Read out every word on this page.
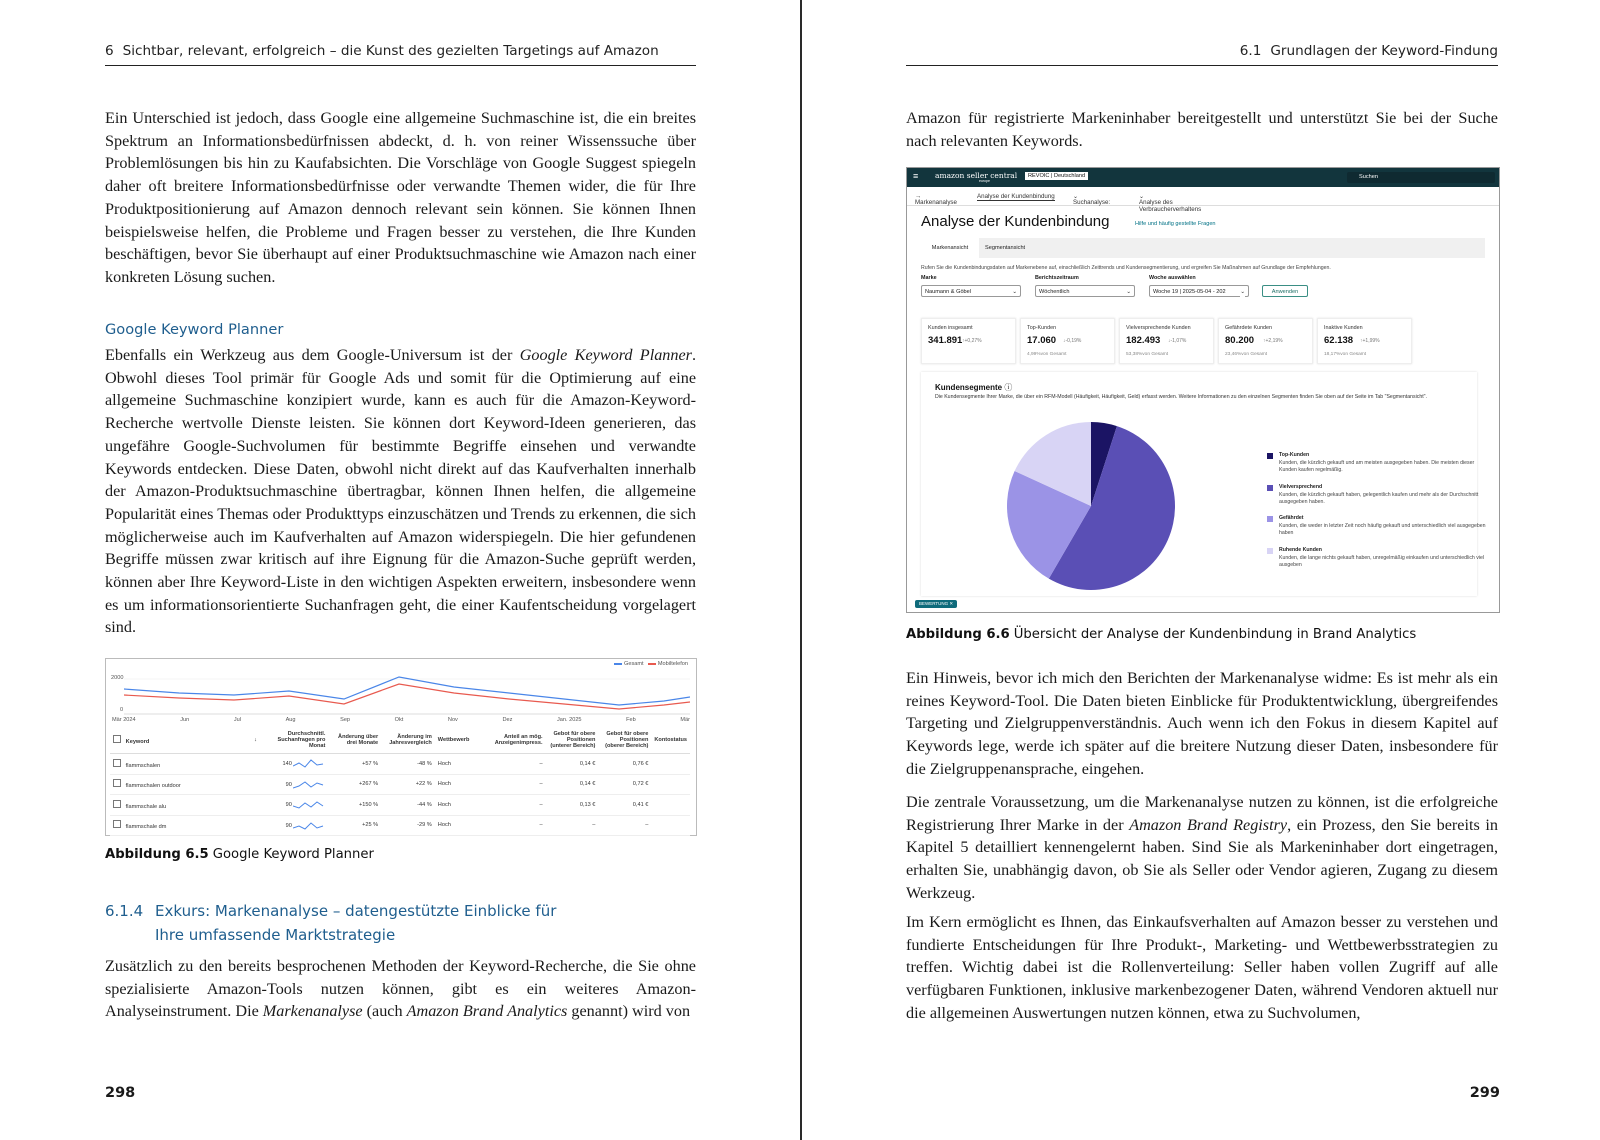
6 Sichtbar, relevant, erfolgreich – die Kunst des gezielten Targetings auf Amazon

Ein Unterschied ist jedoch, dass Google eine allgemeine Suchmaschine ist, die ein breites Spektrum an Informationsbedürfnissen abdeckt, d. h. von reiner Wissenssuche über Problemlösungen bis hin zu Kaufabsichten. Die Vorschläge von Google Suggest spiegeln daher oft breitere Informationsbedürfnisse oder verwandte Themen wider, die für Ihre Produktpositionierung auf Amazon dennoch relevant sein können. Sie können Ihnen beispielsweise helfen, die Probleme und Fragen besser zu verstehen, die Ihre Kunden beschäftigen, bevor Sie überhaupt auf einer Produktsuchmaschine wie Amazon nach einer konkreten Lösung suchen.

Google Keyword Planner

Ebenfalls ein Werkzeug aus dem Google-Universum ist der Google Keyword Planner. Obwohl dieses Tool primär für Google Ads und somit für die Optimierung auf eine allgemeine Suchmaschine konzipiert wurde, kann es auch für die Amazon-Keyword-Recherche wertvolle Dienste leisten. Sie können dort Keyword-Ideen generieren, das ungefähre Google-Suchvolumen für bestimmte Begriffe einsehen und verwandte Keywords entdecken. Diese Daten, obwohl nicht direkt auf das Kaufverhalten innerhalb der Amazon-Produktsuchmaschine übertragbar, können Ihnen helfen, die allgemeine Popularität eines Themas oder Produkttyps einzuschätzen und Trends zu erkennen, die sich möglicherweise auch im Kaufverhalten auf Amazon widerspiegeln. Die hier gefundenen Begriffe müssen zwar kritisch auf ihre Eignung für die Amazon-Suche geprüft werden, können aber Ihre Keyword-Liste in den wichtigen Aspekten erweitern, insbesondere wenn es um informationsorientierte Suchanfragen geht, die einer Kaufentscheidung vorgelagert sind.

Gesamt	Mobiltelefon
2000
0
Mär 2024	Jun	Jul	Aug	Sep	Okt	Nov	Dez	Jan. 2025	Feb	Mär
Keyword	↓	Durchschnittl. Suchanfragen pro Monat	Änderung über drei Monate	Änderung im Jahresvergleich	Wettbewerb	Anteil an mög. Anzeigenimpress.	Gebot für obere Positionen (unterer Bereich)	Gebot für obere Positionen (oberer Bereich)	Kontostatus
flammschalen		140	+57 %	-48 %	Hoch	–	0,14 €	0,76 €	
flammschalen outdoor		90	+267 %	+22 %	Hoch	–	0,14 €	0,72 €	
flammschale alu		90	+150 %	-44 %	Hoch	–	0,13 €	0,41 €	
flammschale dm		90	+25 %	-29 %	Hoch	–	–	–	
Abbildung 6.5 Google Keyword Planner
6.1.4 Exkurs: Markenanalyse – datengestützte Einblicke für
Ihre umfassende Marktstrategie

Zusätzlich zu den bereits besprochenen Methoden der Keyword-Recherche, die Sie ohne spezialisierte Amazon-Tools nutzen können, gibt es ein weiteres Amazon-Analyseinstrument. Die Markenanalyse (auch Amazon Brand Analytics genannt) wird von

298
6.1 Grundlagen der Keyword-Findung

Amazon für registrierte Markeninhaber bereitgestellt und unterstützt Sie bei der Suche nach relevanten Keywords.

≡ amazon seller central
europe
REVOIC | Deutschland	Suchen
Markenanalyse
→	Analyse der Kundenbindung
Suchanalyse:
⌄
Analyse des Verbraucherverhaltens
⌄
Analyse der Kundenbindung	Hilfe und häufig gestellte Fragen
Markenansicht	Segmentansicht
Rufen Sie die Kundenbindungsdaten auf Markenebene auf, einschließlich Zeittrends und Kundensegmentierung, und ergreifen Sie Maßnahmen auf Grundlage der Empfehlungen.
Marke
Naumann & Göbel	⌄
Berichtszeitraum
Wöchentlich	⌄
Woche auswählen
Woche 19 | 2025-05-04 - 202	⌄	Anwenden
Kunden insgesamt
341.891 ↑+0,27%
Top-Kunden
17.060 ↓-0,19%
4,99%von Gesamt
Vielversprechende Kunden
182.493 ↓-1,07%
53,38%von Gesamt
Gefährdete Kunden
80.200 ↑+2,19%
23,46%von Gesamt
Inaktive Kunden
62.138 ↑+1,99%
18,17%von Gesamt
Kundensegmente ⓘ
Die Kundensegmente Ihrer Marke, die über ein RFM-Modell (Häufigkeit, Häufigkeit, Geld) erfasst werden. Weitere Informationen zu den einzelnen Segmenten finden Sie oben auf der Seite im Tab "Segmentansicht".
Top-Kunden
Kunden, die kürzlich gekauft und am meisten ausgegeben haben. Die meisten dieser Kunden kaufen regelmäßig.
Vielversprechend
Kunden, die kürzlich gekauft haben, gelegentlich kaufen und mehr als der Durchschnitt ausgegeben haben.
Gefährdet
Kunden, die weder in letzter Zeit noch häufig gekauft und unterschiedlich viel ausgegeben haben
Ruhende Kunden
Kunden, die lange nichts gekauft haben, unregelmäßig einkaufen und unterschiedlich viel ausgeben
BEWERTUNG ✕
Abbildung 6.6 Übersicht der Analyse der Kundenbindung in Brand Analytics

Ein Hinweis, bevor ich mich den Berichten der Markenanalyse widme: Es ist mehr als ein reines Keyword-Tool. Die Daten bieten Einblicke für Produktentwicklung, übergreifendes Targeting und Zielgruppenverständnis. Auch wenn ich den Fokus in diesem Kapitel auf Keywords lege, werde ich später auf die breitere Nutzung dieser Daten, insbesondere für die Zielgruppenansprache, eingehen.

Die zentrale Voraussetzung, um die Markenanalyse nutzen zu können, ist die erfolgreiche Registrierung Ihrer Marke in der Amazon Brand Registry, ein Prozess, den Sie bereits in Kapitel 5 detailliert kennengelernt haben. Sind Sie als Markeninhaber dort eingetragen, erhalten Sie, unabhängig davon, ob Sie als Seller oder Vendor agieren, Zugang zu diesem Werkzeug.

Im Kern ermöglicht es Ihnen, das Einkaufsverhalten auf Amazon besser zu verstehen und fundierte Entscheidungen für Ihre Produkt-, Marketing- und Wettbewerbsstrategien zu treffen. Wichtig dabei ist die Rollenverteilung: Seller haben vollen Zugriff auf alle verfügbaren Funktionen, inklusive markenbezogener Daten, während Vendoren aktuell nur die allgemeinen Auswertungen nutzen können, etwa zu Suchvolumen,

299
